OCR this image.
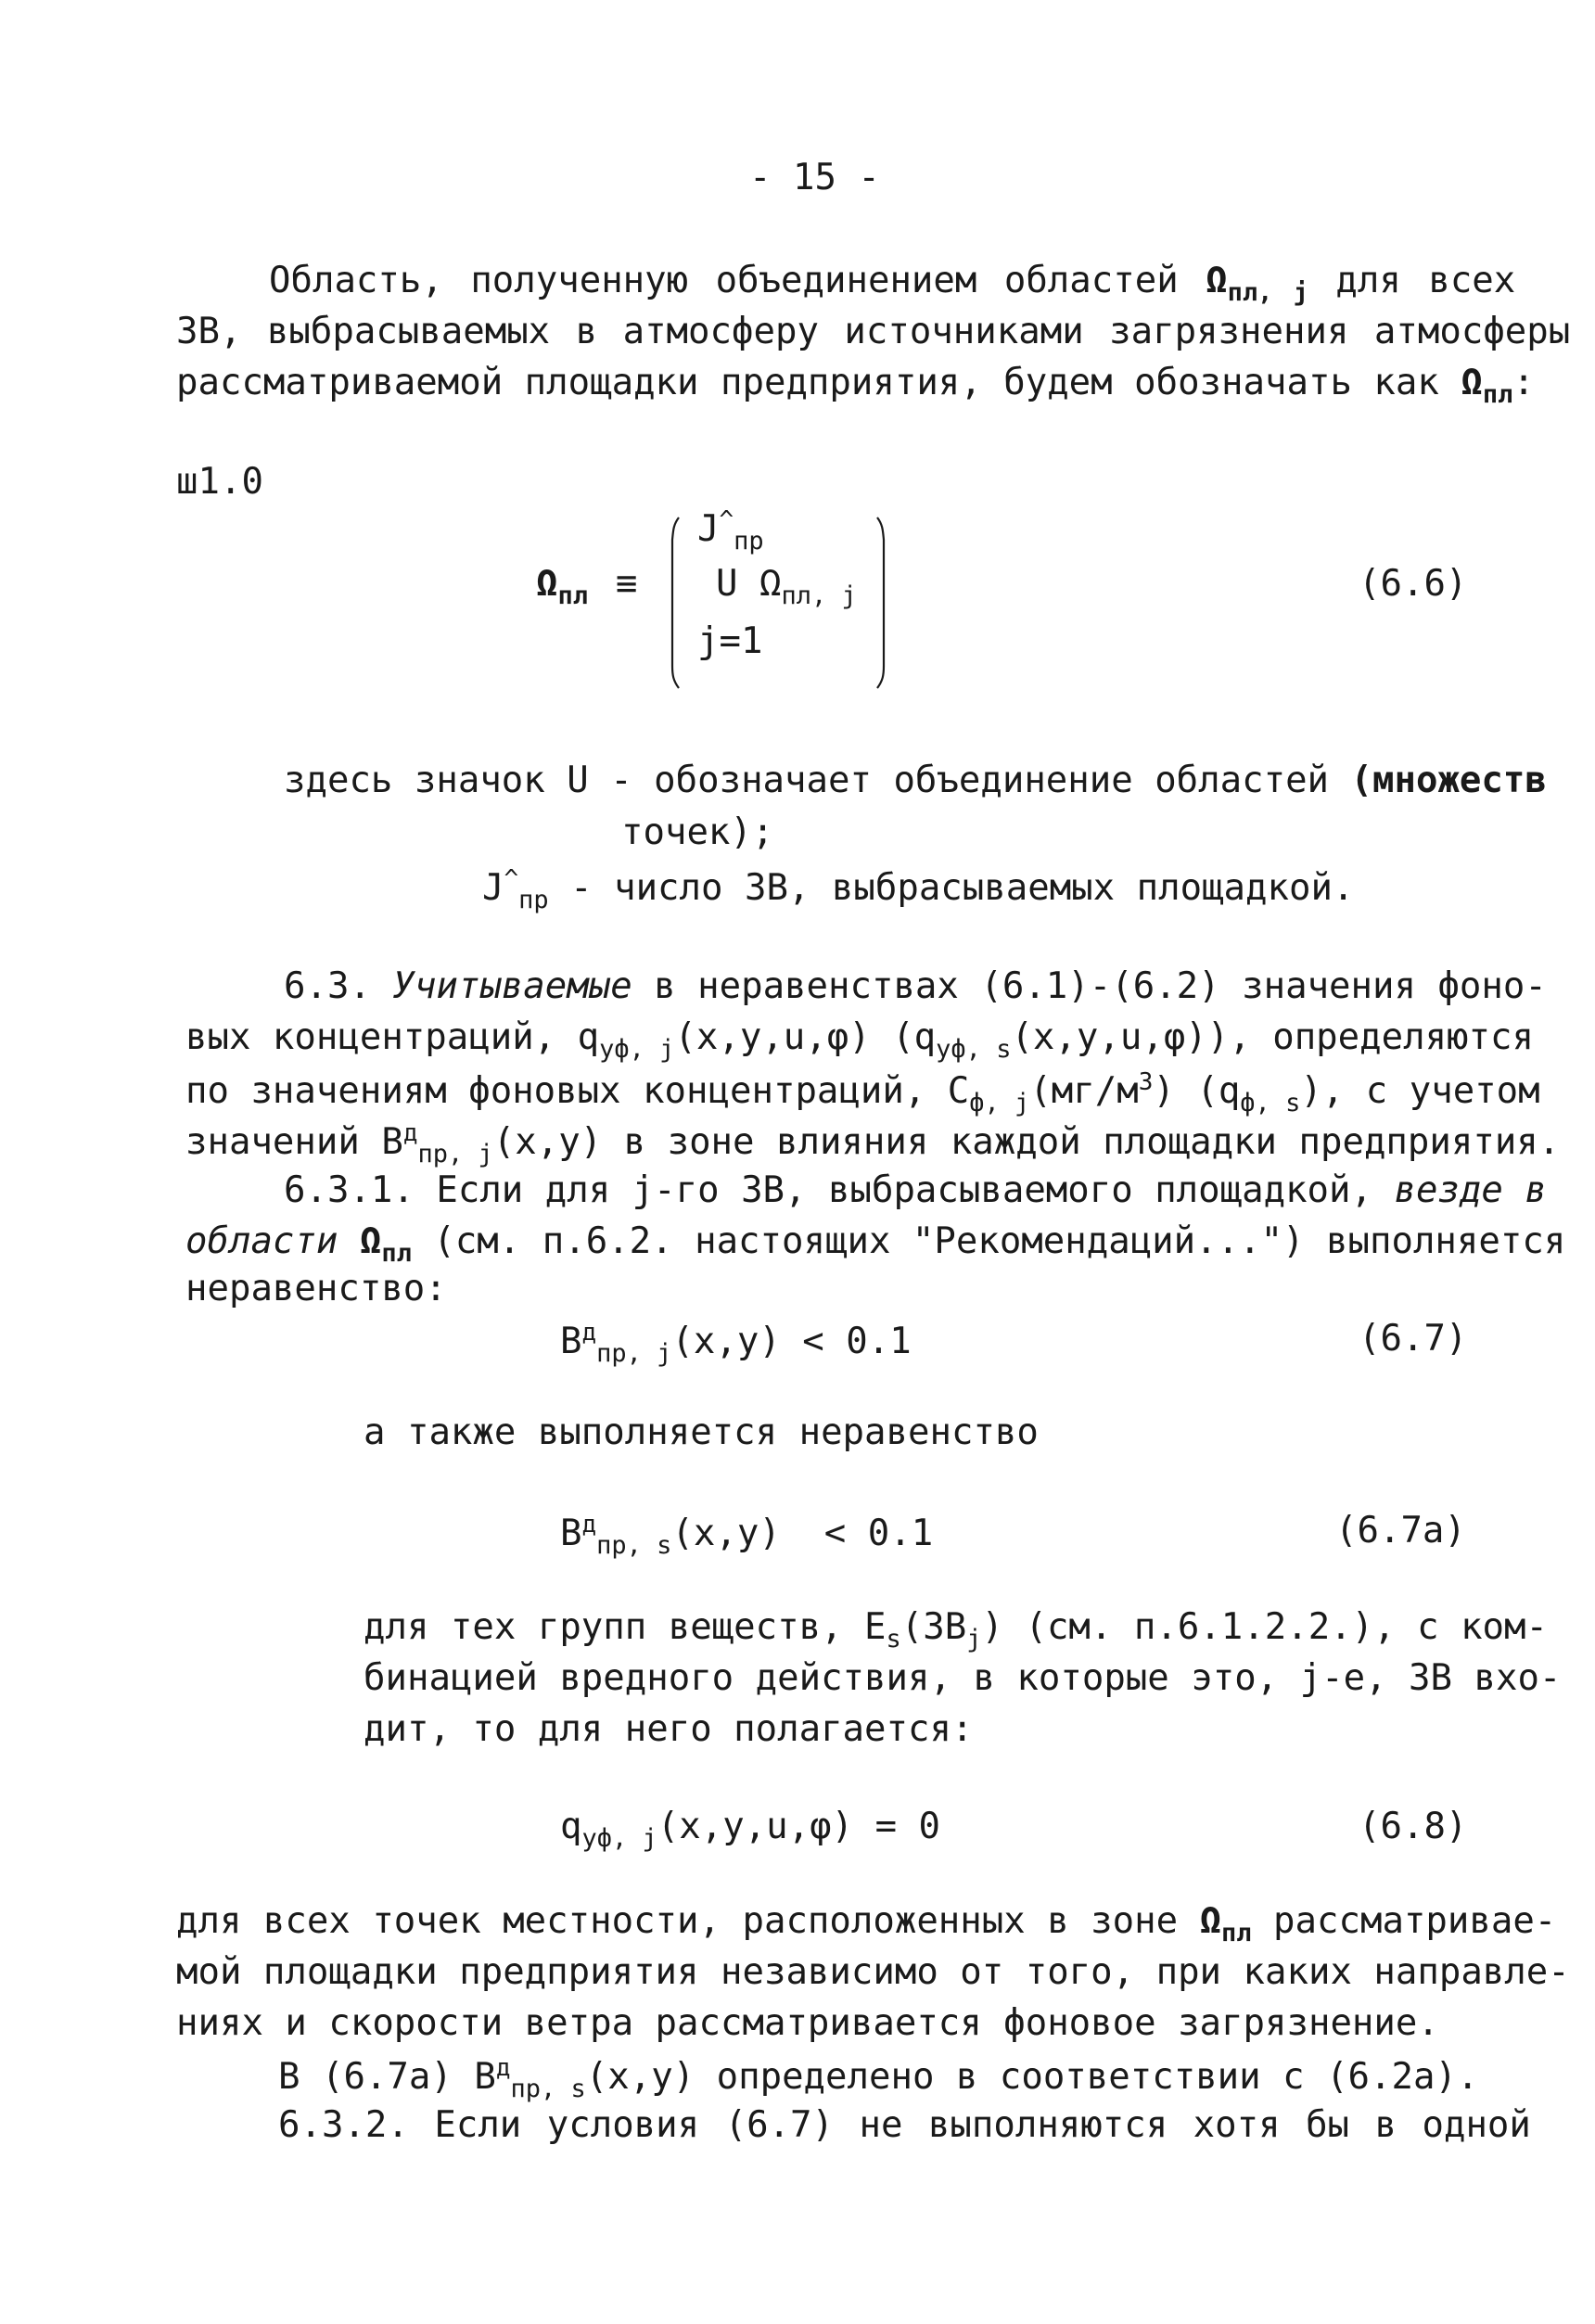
- 15 -
Область, полученную объединением областей $\Omega_{пл, j}$ для всех
ЗВ, выбрасываемых в атмосферу источниками загрязнения атмосферы
рассматриваемой площадки предприятия, будем обозначать как $\Omega_{пл}$:
ш1.0
$\Omega_{пл}$ ≡
$J^{\^{}}_{пр}$
U $\Omega_{пл, j}$
j=1
(6.6)
здесь значок U - обозначает объединение областей (множеств
точек);
$J^{\^{}}_{пр}$ - число ЗВ, выбрасываемых площадкой.
6.3. Учитываемые в неравенствах (6.1)-(6.2) значения фоно-
вых концентраций, $q_{уф, j}(x,y,u,\varphi)$ $(q_{уф, s}(x,y,u,\varphi))$, определяются
по значениям фоновых концентраций, $C_{ф, j}(мг/м^3)$ $(q_{ф, s})$, с учетом
значений $B^д_{пр, j}(x,y)$ в зоне влияния каждой площадки предприятия.
6.3.1. Если для j-го ЗВ, выбрасываемого площадкой, везде в
области $\Omega_{пл}$ (см. п.6.2. настоящих "Рекомендаций...") выполняется
неравенство:
$B^д_{пр, j}(x,y) < 0.1$	(6.7)
а также выполняется неравенство
$B^д_{пр, s}(x,y) < 0.1$	(6.7а)
для тех групп веществ, $E_s(ЗВ_j)$ (см. п.6.1.2.2.), с ком-
бинацией вредного действия, в которые это, j-е, ЗВ вхо-
дит, то для него полагается:
$q_{уф, j}(x,y,u,\varphi) = 0$	(6.8)
для всех точек местности, расположенных в зоне $\Omega_{пл}$ рассматривае-
мой площадки предприятия независимо от того, при каких направле-
ниях и скорости ветра рассматривается фоновое загрязнение.
В (6.7а) $B^д_{пр, s}(x,y)$ определено в соответствии с (6.2а).
6.3.2. Если условия (6.7) не выполняются хотя бы в одной
